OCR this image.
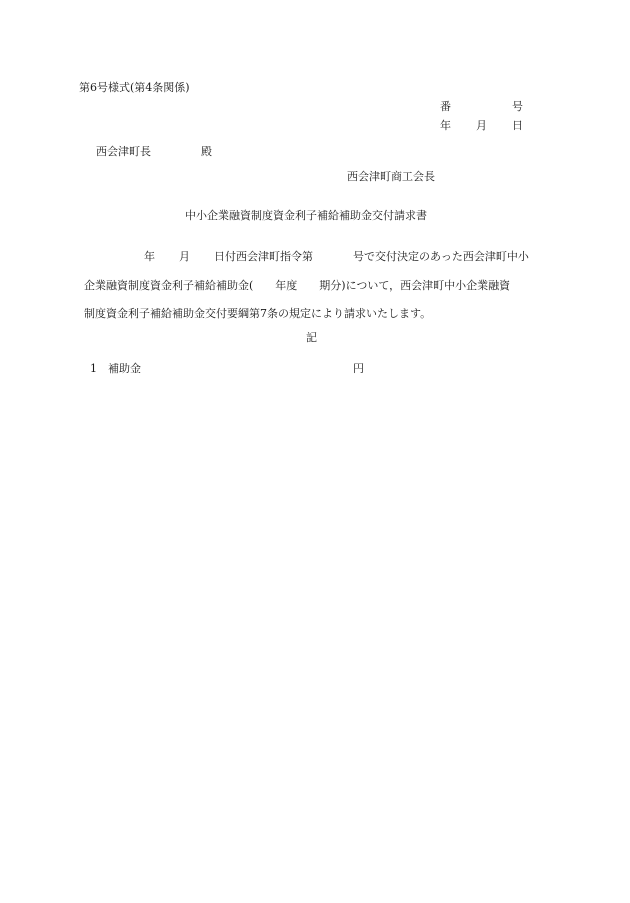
第6号様式(第4条関係)
番	号
年 月 日
西会津町長	殿
西会津町商工会長
中小企業融資制度資金利子補給補助金交付請求書
年 月 日付西会津町指令第	号で交付決定のあった西会津町中小
企業融資制度資金利子補給補助金( 年度 期分)について，西会津町中小企業融資
制度資金利子補給補助金交付要綱第7条の規定により請求いたします。
記
1 補助金	円
